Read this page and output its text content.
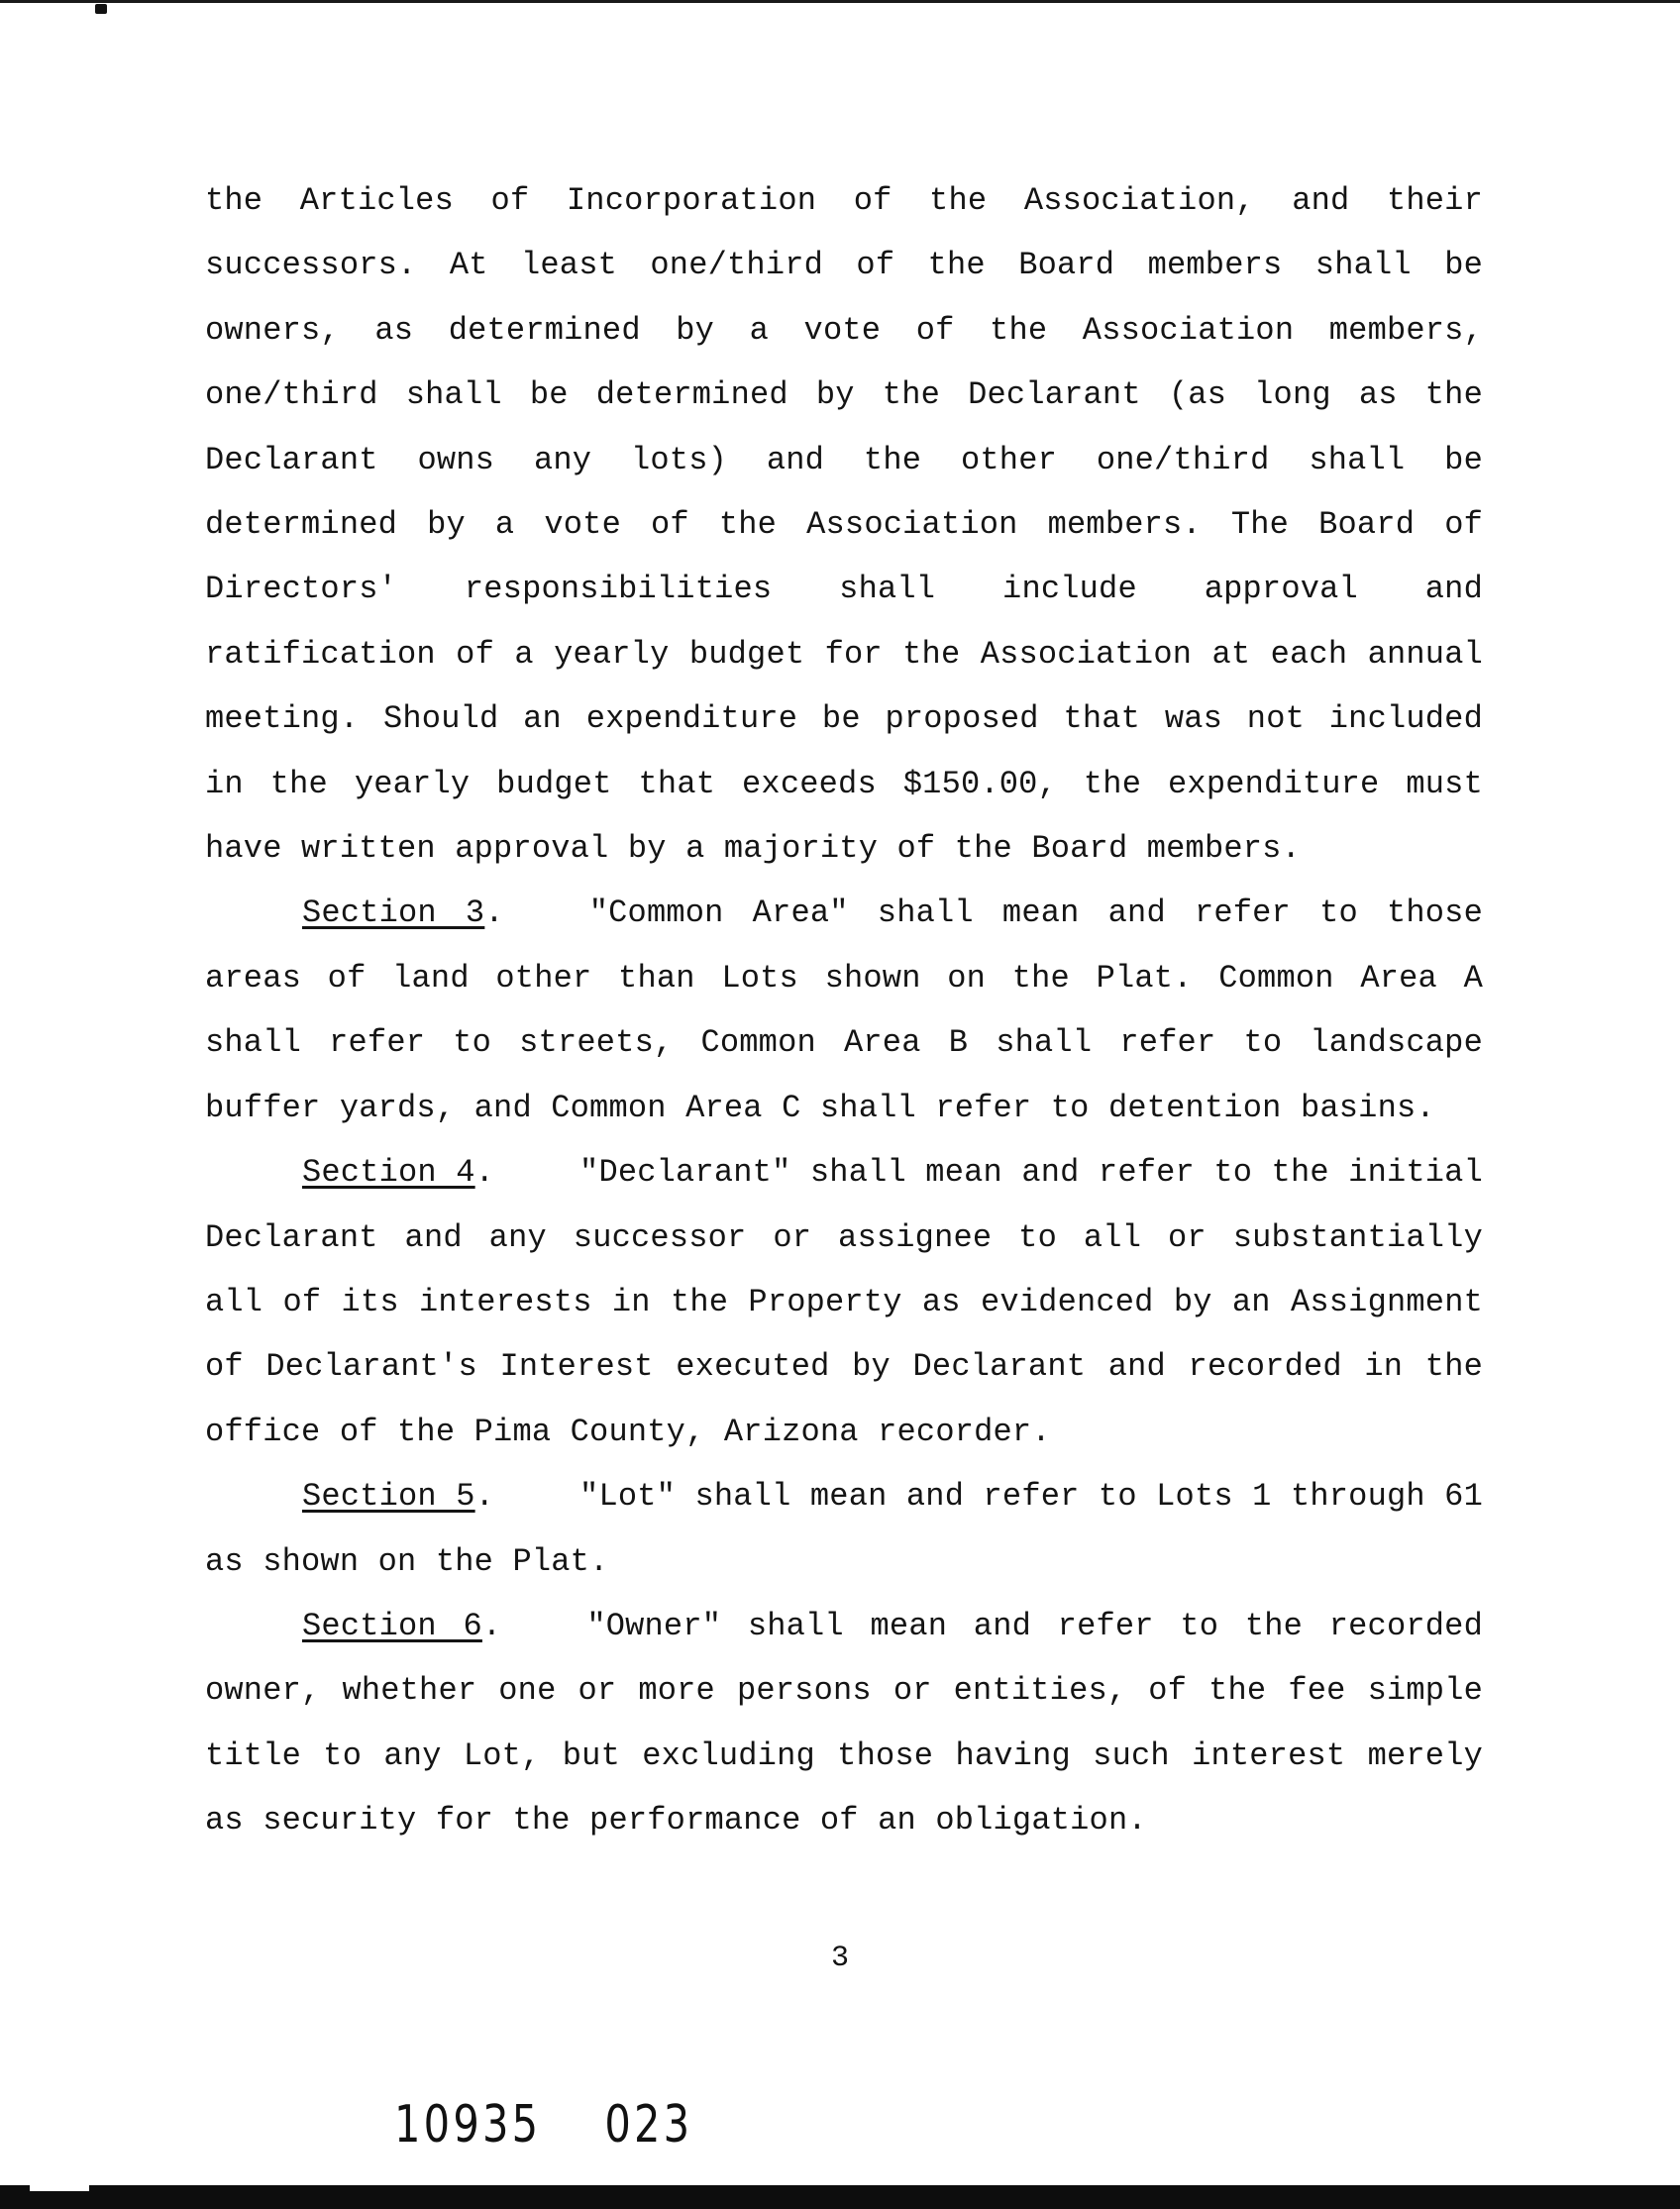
the Articles of Incorporation of the Association, and their successors. At least one/third of the Board members shall be owners, as determined by a vote of the Association members, one/third shall be determined by the Declarant (as long as the Declarant owns any lots) and the other one/third shall be determined by a vote of the Association members. The Board of Directors' responsibilities shall include approval and ratification of a yearly budget for the Association at each annual meeting. Should an expenditure be proposed that was not included in the yearly budget that exceeds $150.00, the expenditure must have written approval by a majority of the Board members.

Section 3.	"Common Area" shall mean and refer to those areas of land other than Lots shown on the Plat. Common Area A shall refer to streets, Common Area B shall refer to landscape buffer yards, and Common Area C shall refer to detention basins.

Section 4.	"Declarant" shall mean and refer to the initial Declarant and any successor or assignee to all or substantially all of its interests in the Property as evidenced by an Assignment of Declarant's Interest executed by Declarant and recorded in the office of the Pima County, Arizona recorder.

Section 5.	"Lot" shall mean and refer to Lots 1 through 61 as shown on the Plat.

Section 6.	"Owner" shall mean and refer to the recorded owner, whether one or more persons or entities, of the fee simple title to any Lot, but excluding those having such interest merely as security for the performance of an obligation.

3
10935 023
